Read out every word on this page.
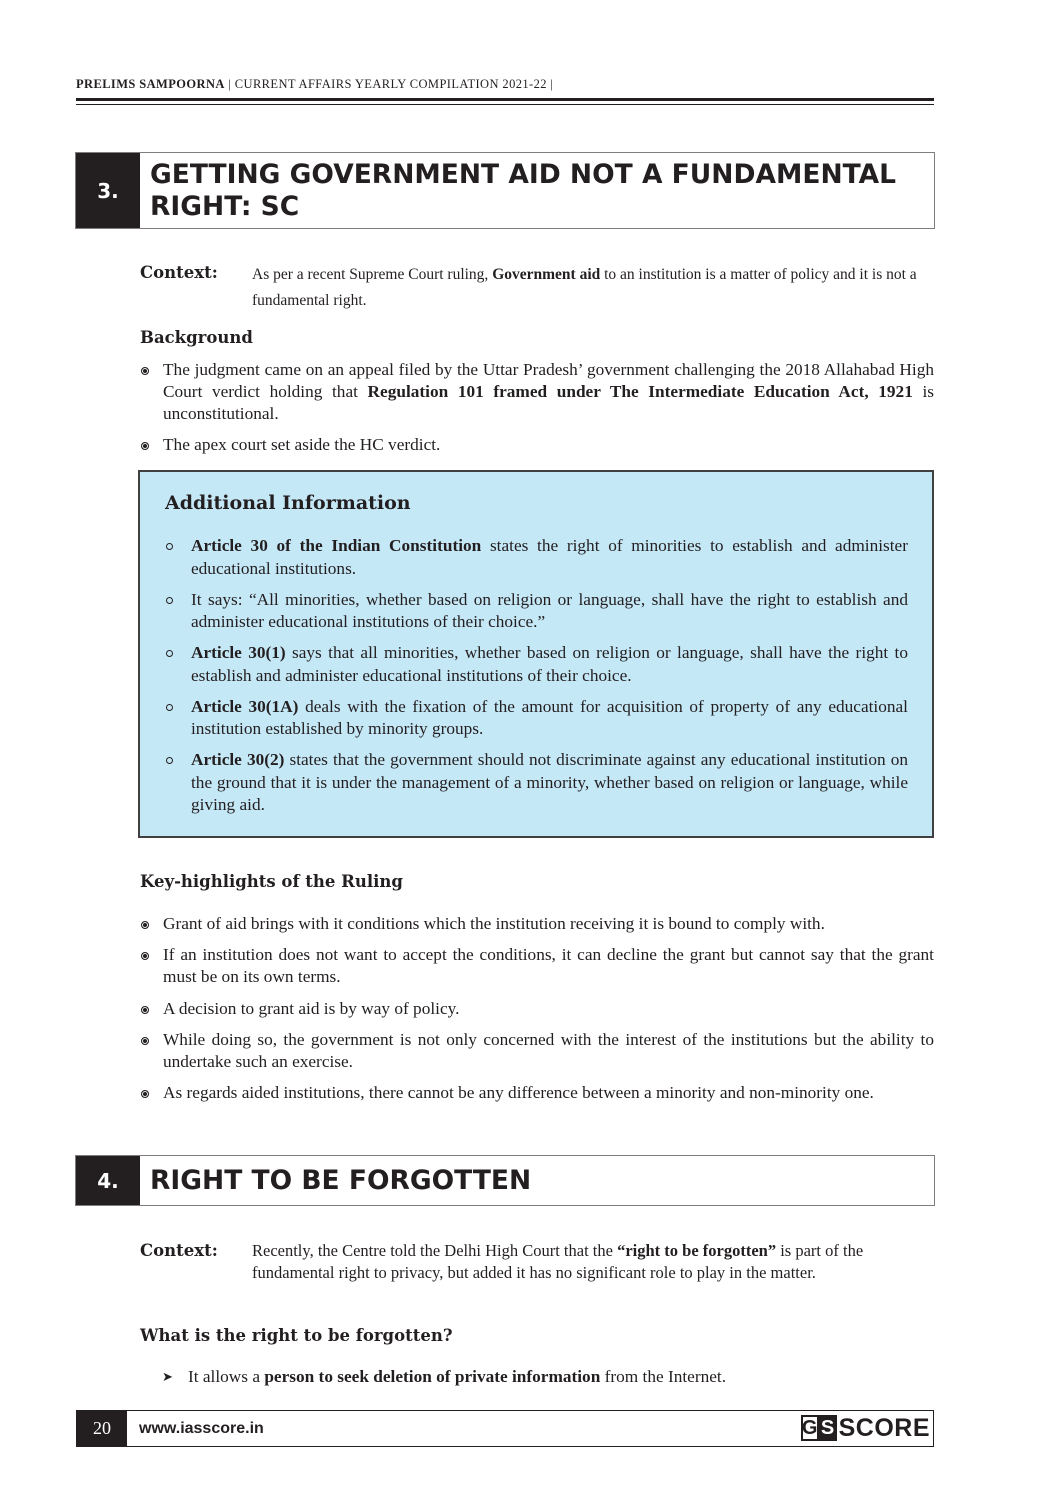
PRELIMS SAMPOORNA | CURRENT AFFAIRS YEARLY COMPILATION 2021-22 |
3.
GETTING GOVERNMENT AID NOT A FUNDAMENTAL
RIGHT: SC
Context:	As per a recent Supreme Court ruling, Government aid to an institution is a matter of policy and it is not a fundamental right.
Background
The judgment came on an appeal filed by the Uttar Pradesh’ government challenging the 2018 Allahabad High Court verdict holding that Regulation 101 framed under The Intermediate Education Act, 1921 is unconstitutional.
The apex court set aside the HC verdict.
Additional Information
Article 30 of the Indian Constitution states the right of minorities to establish and administer educational institutions.
It says: “All minorities, whether based on religion or language, shall have the right to establish and administer educational institutions of their choice.”
Article 30(1) says that all minorities, whether based on religion or language, shall have the right to establish and administer educational institutions of their choice.
Article 30(1A) deals with the fixation of the amount for acquisition of property of any educational institution established by minority groups.
Article 30(2) states that the government should not discriminate against any educational institution on the ground that it is under the management of a minority, whether based on religion or language, while giving aid.
Key-highlights of the Ruling
Grant of aid brings with it conditions which the institution receiving it is bound to comply with.
If an institution does not want to accept the conditions, it can decline the grant but cannot say that the grant must be on its own terms.
A decision to grant aid is by way of policy.
While doing so, the government is not only concerned with the interest of the institutions but the ability to undertake such an exercise.
As regards aided institutions, there cannot be any difference between a minority and non-minority one.
4.	RIGHT TO BE FORGOTTEN
Context:	Recently, the Centre told the Delhi High Court that the “right to be forgotten” is part of the fundamental right to privacy, but added it has no significant role to play in the matter.
What is the right to be forgotten?
➤ It allows a person to seek deletion of private information from the Internet.
20	www.iasscore.in	G S SCORE
